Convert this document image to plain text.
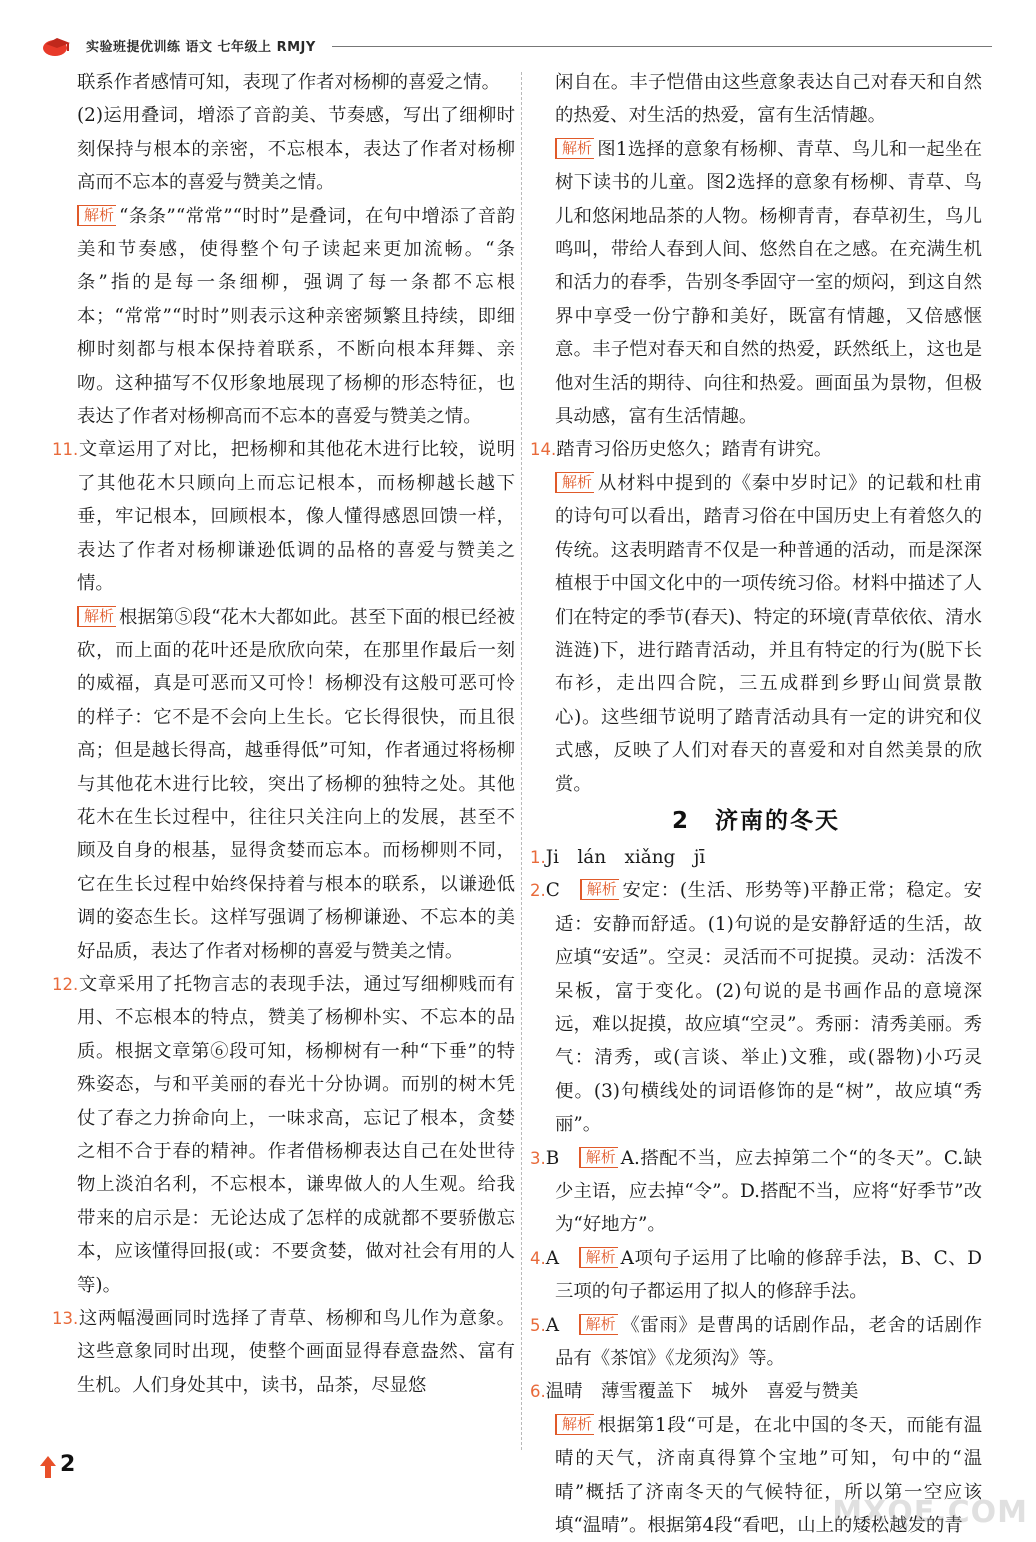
实验班提优训练 语文 七年级上 RMJY
联系作者感情可知，表现了作者对杨柳的喜爱之情。
(2)运用叠词，增添了音韵美、节奏感，写出了细柳时刻保持与根本的亲密，不忘根本，表达了作者对杨柳高而不忘本的喜爱与赞美之情。
解析 “条条”“常常”“时时”是叠词，在句中增添了音韵美和节奏感，使得整个句子读起来更加流畅。“条条”指的是每一条细柳，强调了每一条都不忘根本；“常常”“时时”则表示这种亲密频繁且持续，即细柳时刻都与根本保持着联系，不断向根本拜舞、亲吻。这种描写不仅形象地展现了杨柳的形态特征，也表达了作者对杨柳高而不忘本的喜爱与赞美之情。
11.文章运用了对比，把杨柳和其他花木进行比较，说明了其他花木只顾向上而忘记根本，而杨柳越长越下垂，牢记根本，回顾根本，像人懂得感恩回馈一样，表达了作者对杨柳谦逊低调的品格的喜爱与赞美之情。
解析 根据第⑤段“花木大都如此。甚至下面的根已经被砍，而上面的花叶还是欣欣向荣，在那里作最后一刻的威福，真是可恶而又可怜！杨柳没有这般可恶可怜的样子：它不是不会向上生长。它长得很快，而且很高；但是越长得高，越垂得低”可知，作者通过将杨柳与其他花木进行比较，突出了杨柳的独特之处。其他花木在生长过程中，往往只关注向上的发展，甚至不顾及自身的根基，显得贪婪而忘本。而杨柳则不同，它在生长过程中始终保持着与根本的联系，以谦逊低调的姿态生长。这样写强调了杨柳谦逊、不忘本的美好品质，表达了作者对杨柳的喜爱与赞美之情。
12.文章采用了托物言志的表现手法，通过写细柳贱而有用、不忘根本的特点，赞美了杨柳朴实、不忘本的品质。根据文章第⑥段可知，杨柳树有一种“下垂”的特殊姿态，与和平美丽的春光十分协调。而别的树木凭仗了春之力拚命向上，一味求高，忘记了根本，贪婪之相不合于春的精神。作者借杨柳表达自己在处世待物上淡泊名利，不忘根本，谦卑做人的人生观。给我带来的启示是：无论达成了怎样的成就都不要骄傲忘本，应该懂得回报(或：不要贪婪，做对社会有用的人等)。
13.这两幅漫画同时选择了青草、杨柳和鸟儿作为意象。这些意象同时出现，使整个画面显得春意盎然、富有生机。人们身处其中，读书，品茶，尽显悠
闲自在。丰子恺借由这些意象表达自己对春天和自然的热爱、对生活的热爱，富有生活情趣。
解析 图1选择的意象有杨柳、青草、鸟儿和一起坐在树下读书的儿童。图2选择的意象有杨柳、青草、鸟儿和悠闲地品茶的人物。杨柳青青，春草初生，鸟儿鸣叫，带给人春到人间、悠然自在之感。在充满生机和活力的春季，告别冬季固守一室的烦闷，到这自然界中享受一份宁静和美好，既富有情趣，又倍感惬意。丰子恺对春天和自然的热爱，跃然纸上，这也是他对生活的期待、向往和热爱。画面虽为景物，但极具动感，富有生活情趣。
14.踏青习俗历史悠久；踏青有讲究。
解析 从材料中提到的《秦中岁时记》的记载和杜甫的诗句可以看出，踏青习俗在中国历史上有着悠久的传统。这表明踏青不仅是一种普通的活动，而是深深植根于中国文化中的一项传统习俗。材料中描述了人们在特定的季节(春天)、特定的环境(青草依依、清水涟涟)下，进行踏青活动，并且有特定的行为(脱下长布衫，走出四合院，三五成群到乡野山间赏景散心)。这些细节说明了踏青活动具有一定的讲究和仪式感，反映了人们对春天的喜爱和对自然美景的欣赏。
2　济南的冬天
1.Ji　lán　xiǎng　jī
2.C　解析 安定：(生活、形势等)平静正常；稳定。安适：安静而舒适。(1)句说的是安静舒适的生活，故应填“安适”。空灵：灵活而不可捉摸。灵动：活泼不呆板，富于变化。(2)句说的是书画作品的意境深远，难以捉摸，故应填“空灵”。秀丽：清秀美丽。秀气：清秀，或(言谈、举止)文雅，或(器物)小巧灵便。(3)句横线处的词语修饰的是“树”，故应填“秀丽”。
3.B　解析 A.搭配不当，应去掉第二个“的冬天”。C.缺少主语，应去掉“令”。D.搭配不当，应将“好季节”改为“好地方”。
4.A　解析 A项句子运用了比喻的修辞手法，B、C、D三项的句子都运用了拟人的修辞手法。
5.A　解析 《雷雨》是曹禺的话剧作品，老舍的话剧作品有《茶馆》《龙须沟》等。
6.温晴　薄雪覆盖下　城外　喜爱与赞美
解析 根据第1段“可是，在北中国的冬天，而能有温晴的天气，济南真得算个宝地”可知，句中的“温晴”概括了济南冬天的气候特征，所以第一空应该填“温晴”。根据第4段“看吧，山上的矮松越发的青
2
MXQE.COM
